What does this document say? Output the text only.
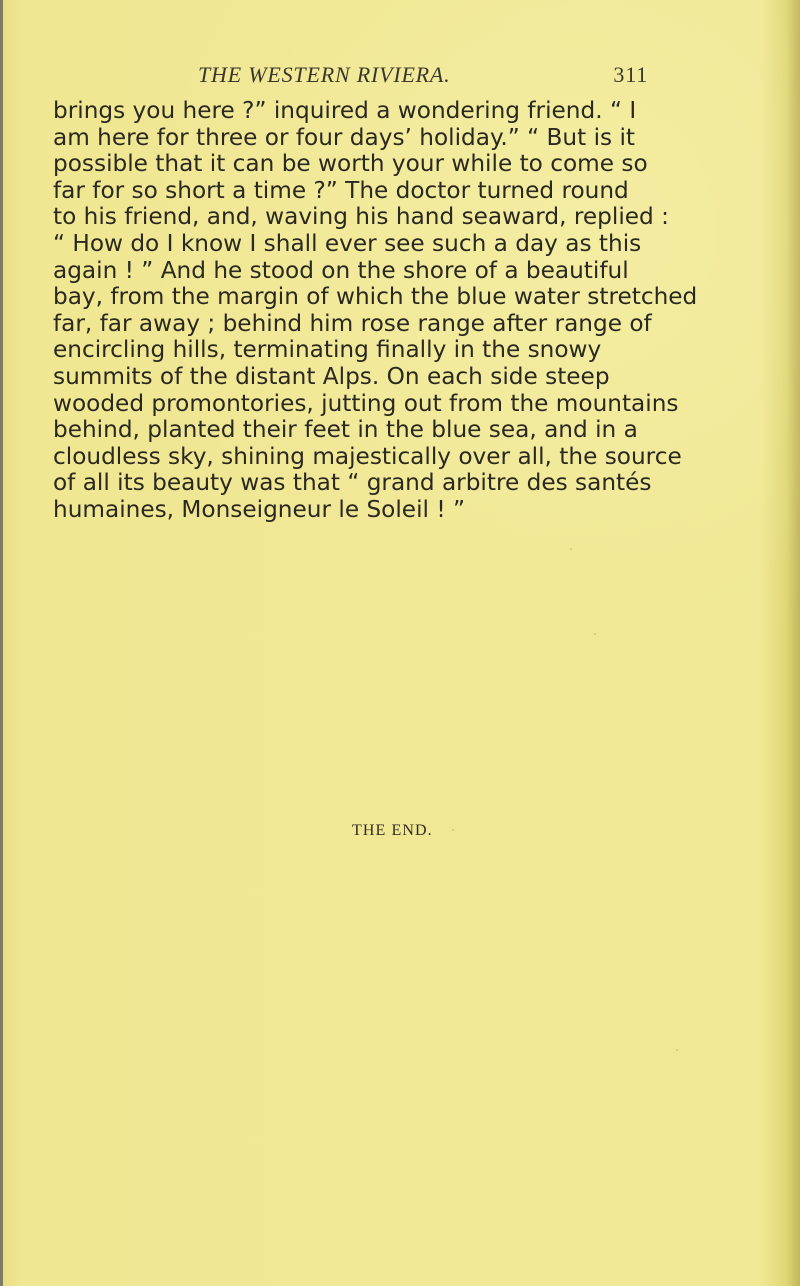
THE WESTERN RIVIERA.	311
brings you here ?” inquired a wondering friend. “ I
am here for three or four days’ holiday.” “ But is it
possible that it can be worth your while to come so
far for so short a time ?” The doctor turned round
to his friend, and, waving his hand seaward, replied :
“ How do I know I shall ever see such a day as this
again ! ” And he stood on the shore of a beautiful
bay, from the margin of which the blue water stretched
far, far away ; behind him rose range after range of
encircling hills, terminating finally in the snowy
summits of the distant Alps. On each side steep
wooded promontories, jutting out from the mountains
behind, planted their feet in the blue sea, and in a
cloudless sky, shining majestically over all, the source
of all its beauty was that “ grand arbitre des santés
humaines, Monseigneur le Soleil ! ”
THE END.
